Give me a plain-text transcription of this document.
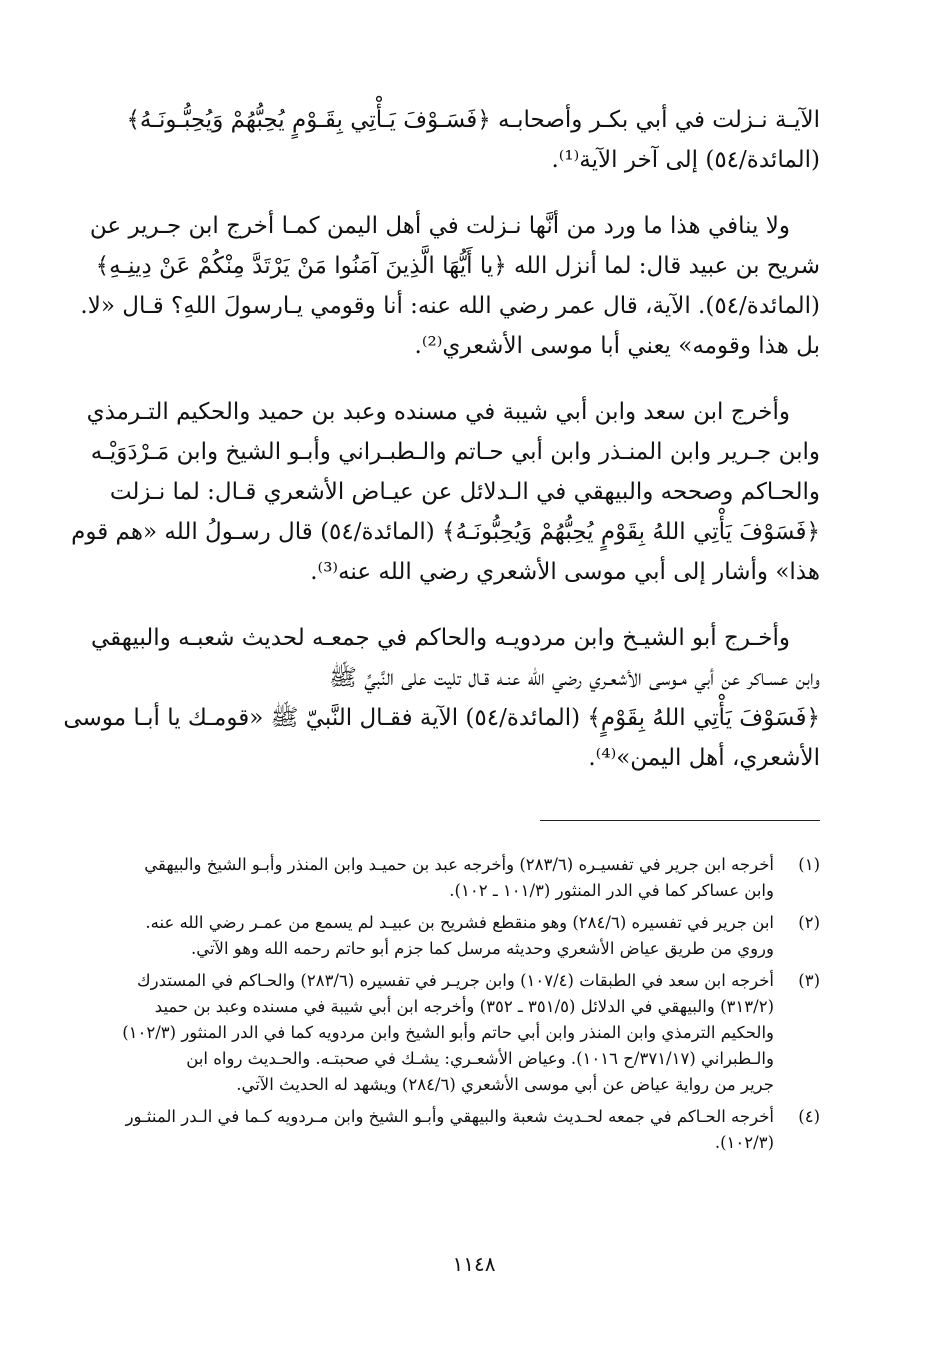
الآيـة نـزلت في أبي بكـر وأصحابـه ﴿فَسَـوْفَ يَـأْتِي بِقَـوْمٍ يُحِبُّهُمْ وَيُحِبُّـونَـهُ﴾
(المائدة/٥٤) إلى آخر الآية⁽¹⁾.

ولا ينافي هذا ما ورد من أنَّها نـزلت في أهل اليمن كمـا أخرج ابن جـرير عن
شريح بن عبيد قال: لما أنزل الله ﴿يا أَيُّهَا الَّذِينَ آمَنُوا مَنْ يَرْتَدَّ مِنْكُمْ عَنْ دِينِـهِ﴾
(المائدة/٥٤). الآية، قال عمر رضي الله عنه: أنا وقومي يـارسولَ اللهِ؟ قـال «لا.
بل هذا وقومه» يعني أبا موسى الأشعري⁽²⁾.

وأخرج ابن سعد وابن أبي شيبة في مسنده وعبد بن حميد والحكيم التـرمذي
وابن جـرير وابن المنـذر وابن أبي حـاتم والـطبـراني وأبـو الشيخ وابن مَـرْدَوَيْـه
والحـاكم وصححه والبيهقي في الـدلائل عن عيـاض الأشعري قـال: لما نـزلت
﴿فَسَوْفَ يَأْتِي اللهُ بِقَوْمٍ يُحِبُّهُمْ وَيُحِبُّونَـهُ﴾ (المائدة/٥٤) قال رسـولُ الله «هم قوم
هذا» وأشار إلى أبي موسى الأشعري رضي الله عنه⁽³⁾.

وأخـرج أبو الشيـخ وابن مردويـه والحاكم في جمعـه لحديث شعبـه والبيهقي
وابن عسـاكر عن أبي مـوسى الأشعـري رضي الله عنـه قـال تليت على النَّبيِّ ﷺ
﴿فَسَوْفَ يَأْتِي اللهُ بِقَوْمٍ﴾ (المائدة/٥٤) الآية فقـال النَّبيّ ﷺ «قومـك يا أبـا موسى
الأشعري، أهل اليمن»⁽⁴⁾.

(١)
أخرجه ابن جرير في تفسيـره (٢٨٣/٦) وأخرجه عبد بن حميـد وابن المنذر وأبـو الشيخ والبيهقي
وابن عساكر كما في الدر المنثور (١٠١/٣ ـ ١٠٢).
(٢)
ابن جرير في تفسيره (٢٨٤/٦) وهو منقطع فشريح بن عبيـد لم يسمع من عمـر رضي الله عنه.
وروي من طريق عياض الأشعري وحديثه مرسل كما جزم أبو حاتم رحمه الله وهو الآتي.
(٣)
أخرجه ابن سعد في الطبقات (١٠٧/٤) وابن جريـر في تفسيره (٢٨٣/٦) والحـاكم في المستدرك
(٣١٣/٢) والبيهقي في الدلائل (٣٥١/٥ ـ ٣٥٢) وأخرجه ابن أبي شيبة في مسنده وعبد بن حميد
والحكيم الترمذي وابن المنذر وابن أبي حاتم وأبو الشيخ وابن مردويه كما في الدر المنثور (١٠٢/٣)
والـطبراني (٣٧١/١٧/ح ١٠١٦). وعياض الأشعـري: يشـك في صحبتـه. والحـديث رواه ابن
جرير من رواية عياض عن أبي موسى الأشعري (٢٨٤/٦) ويشهد له الحديث الآتي.
(٤)
أخرجه الحـاكم في جمعه لحـديث شعبة والبيهقي وأبـو الشيخ وابن مـردويه كـما في الـدر المنثـور
(١٠٢/٣).
١١٤٨
